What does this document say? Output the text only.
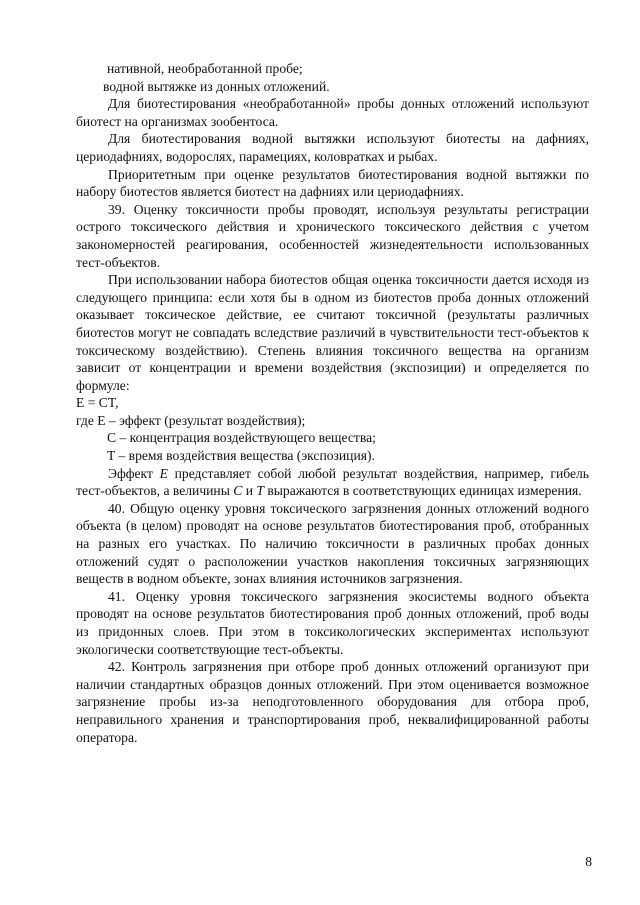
нативной, необработанной пробе;

водной вытяжке из донных отложений.

Для биотестирования «необработанной» пробы донных отложений используют биотест на организмах зообентоса.

Для биотестирования водной вытяжки используют биотесты на дафниях, цериодафниях, водорослях, парамециях, коловратках и рыбах.

Приоритетным при оценке результатов биотестирования водной вытяжки по набору биотестов является биотест на дафниях или цериодафниях.

39. Оценку токсичности пробы проводят, используя результаты регистрации острого токсического действия и хронического токсического действия с учетом закономерностей реагирования, особенностей жизнедеятельности использованных тест-объектов.

При использовании набора биотестов общая оценка токсичности дается исходя из следующего принципа: если хотя бы в одном из биотестов проба донных отложений оказывает токсическое действие, ее считают токсичной (результаты различных биотестов могут не совпадать вследствие различий в чувствительности тест-объектов к токсическому воздействию). Степень влияния токсичного вещества на организм зависит от концентрации и времени воздействия (экспозиции) и определяется по формуле:

E = CT,

где E – эффект (результат воздействия);

C – концентрация воздействующего вещества;

T – время воздействия вещества (экспозиция).

Эффект E представляет собой любой результат воздействия, например, гибель тест-объектов, а величины C и T выражаются в соответствующих единицах измерения.

40. Общую оценку уровня токсического загрязнения донных отложений водного объекта (в целом) проводят на основе результатов биотестирования проб, отобранных на разных его участках. По наличию токсичности в различных пробах донных отложений судят о расположении участков накопления токсичных загрязняющих веществ в водном объекте, зонах влияния источников загрязнения.

41. Оценку уровня токсического загрязнения экосистемы водного объекта проводят на основе результатов биотестирования проб донных отложений, проб воды из придонных слоев. При этом в токсикологических экспериментах используют экологически соответствующие тест-объекты.

42. Контроль загрязнения при отборе проб донных отложений организуют при наличии стандартных образцов донных отложений. При этом оценивается возможное загрязнение пробы из-за неподготовленного оборудования для отбора проб, неправильного хранения и транспортирования проб, неквалифицированной работы оператора.

8
